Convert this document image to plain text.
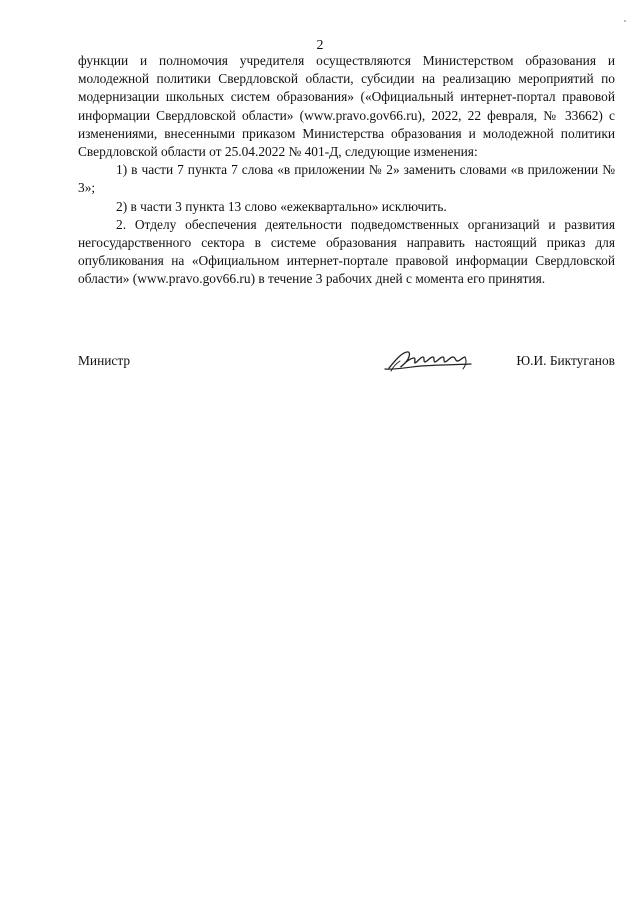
2

функции и полномочия учредителя осуществляются Министерством образования и молодежной политики Свердловской области, субсидии на реализацию мероприятий по модернизации школьных систем образования» («Официальный интернет-портал правовой информации Свердловской области» (www.pravo.gov66.ru), 2022, 22 февраля, № 33662) с изменениями, внесенными приказом Министерства образования и молодежной политики Свердловской области от 25.04.2022 № 401-Д, следующие изменения:

1) в части 7 пункта 7 слова «в приложении № 2» заменить словами «в приложении № 3»;

2) в части 3 пункта 13 слово «ежеквартально» исключить.

2. Отделу обеспечения деятельности подведомственных организаций и развития негосударственного сектора в системе образования направить настоящий приказ для опубликования на «Официальном интернет-портале правовой информации Свердловской области» (www.pravo.gov66.ru) в течение 3 рабочих дней с момента его принятия.

Министр	Ю.И. Биктуганов
